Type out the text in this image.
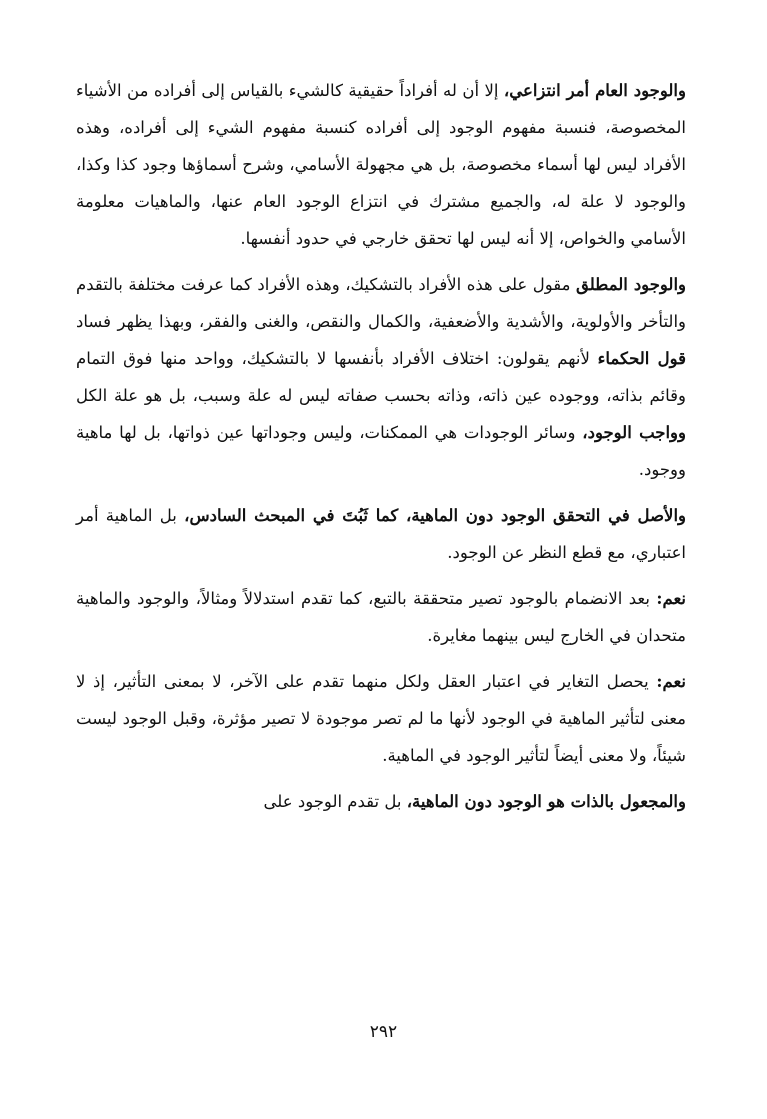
والوجود العام أمر انتزاعي، إلا أن له أفراداً حقيقية كالشيء بالقياس إلى أفراده من الأشياء المخصوصة، فنسبة مفهوم الوجود إلى أفراده كنسبة مفهوم الشيء إلى أفراده، وهذه الأفراد ليس لها أسماء مخصوصة، بل هي مجهولة الأسامي، وشرح أسماؤها وجود كذا وكذا، والوجود لا علة له، والجميع مشترك في انتزاع الوجود العام عنها، والماهيات معلومة الأسامي والخواص، إلا أنه ليس لها تحقق خارجي في حدود أنفسها.

والوجود المطلق مقول على هذه الأفراد بالتشكيك، وهذه الأفراد كما عرفت مختلفة بالتقدم والتأخر والأولوية، والأشدية والأضعفية، والكمال والنقص، والغنى والفقر، وبهذا يظهر فساد قول الحكماء لأنهم يقولون: اختلاف الأفراد بأنفسها لا بالتشكيك، وواحد منها فوق التمام وقائم بذاته، ووجوده عين ذاته، وذاته بحسب صفاته ليس له علة وسبب، بل هو علة الكل وواجب الوجود، وسائر الوجودات هي الممكنات، وليس وجوداتها عين ذواتها، بل لها ماهية ووجود.

والأصل في التحقق الوجود دون الماهية، كما ثَبُتَ في المبحث السادس، بل الماهية أمر اعتباري، مع قطع النظر عن الوجود.

نعم: بعد الانضمام بالوجود تصير متحققة بالتبع، كما تقدم استدلالاً ومثالاً، والوجود والماهية متحدان في الخارج ليس بينهما مغايرة.

نعم: يحصل التغاير في اعتبار العقل ولكل منهما تقدم على الآخر، لا بمعنى التأثير، إذ لا معنى لتأثير الماهية في الوجود لأنها ما لم تصر موجودة لا تصير مؤثرة، وقبل الوجود ليست شيئاً، ولا معنى أيضاً لتأثير الوجود في الماهية.

والمجعول بالذات هو الوجود دون الماهية، بل تقدم الوجود على

٢٩٢
